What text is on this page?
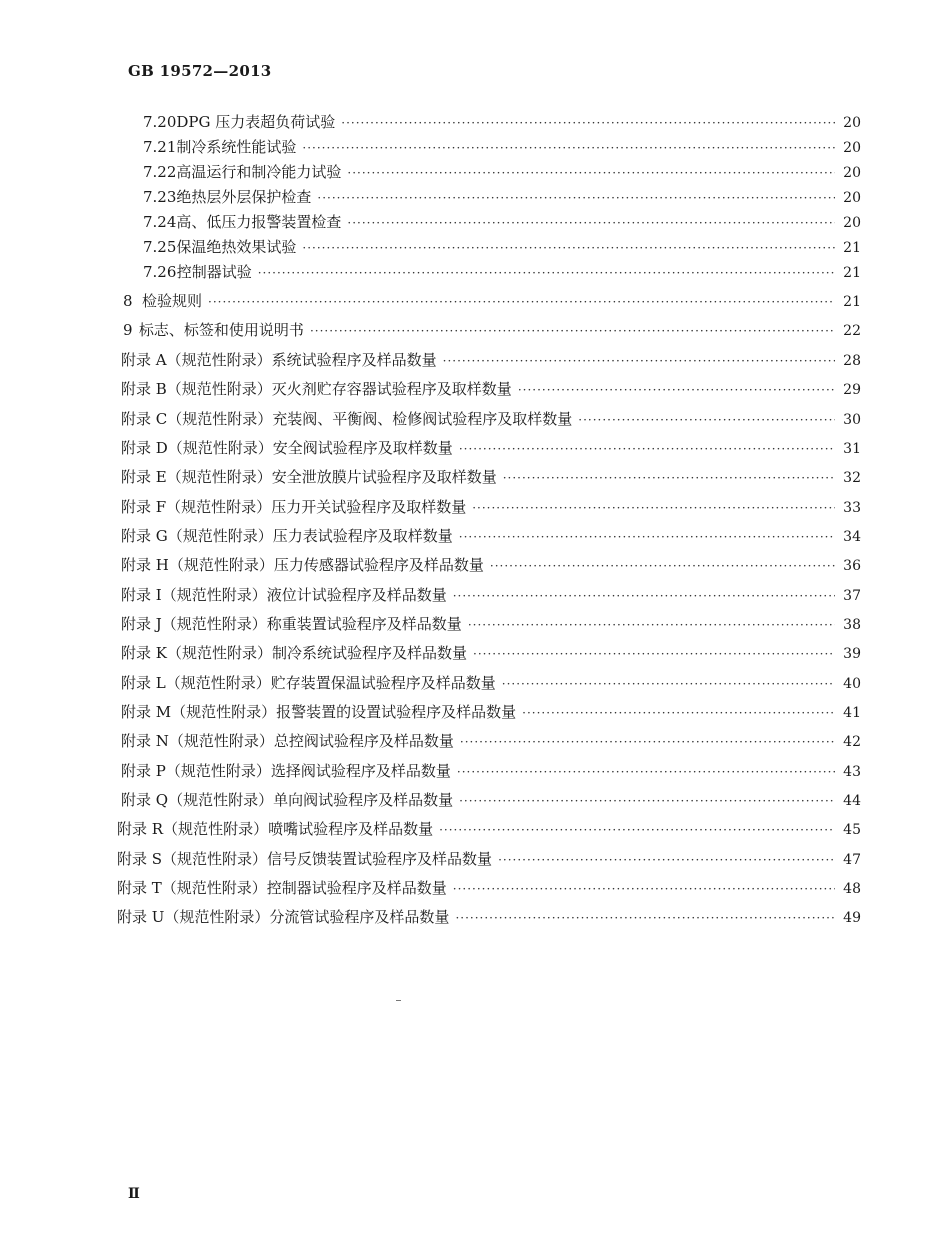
GB 19572—2013
7.20 DPG 压力表超负荷试验 ·····	20
7.21 制冷系统性能试验 ·····	20
7.22 高温运行和制冷能力试验 ·····	20
7.23 绝热层外层保护检查 ·····	20
7.24 高、低压力报警装置检查 ·····	20
7.25 保温绝热效果试验 ·····	21
7.26 控制器试验 ·····	21
8 检验规则 ·····	21
9 标志、标签和使用说明书 ·····	22
附录 A（规范性附录） 系统试验程序及样品数量 ·····	28
附录 B（规范性附录） 灭火剂贮存容器试验程序及取样数量 ·····	29
附录 C（规范性附录） 充装阀、平衡阀、检修阀试验程序及取样数量 ·····	30
附录 D（规范性附录） 安全阀试验程序及取样数量 ·····	31
附录 E（规范性附录） 安全泄放膜片试验程序及取样数量 ·····	32
附录 F（规范性附录） 压力开关试验程序及取样数量 ·····	33
附录 G（规范性附录） 压力表试验程序及取样数量 ·····	34
附录 H（规范性附录） 压力传感器试验程序及样品数量 ·····	36
附录 I（规范性附录） 液位计试验程序及样品数量 ·····	37
附录 J（规范性附录） 称重装置试验程序及样品数量 ·····	38
附录 K（规范性附录） 制冷系统试验程序及样品数量 ·····	39
附录 L（规范性附录） 贮存装置保温试验程序及样品数量 ·····	40
附录 M（规范性附录） 报警装置的设置试验程序及样品数量 ·····	41
附录 N（规范性附录） 总控阀试验程序及样品数量 ·····	42
附录 P（规范性附录） 选择阀试验程序及样品数量 ·····	43
附录 Q（规范性附录） 单向阀试验程序及样品数量 ·····	44
附录 R（规范性附录） 喷嘴试验程序及样品数量 ·····	45
附录 S（规范性附录） 信号反馈装置试验程序及样品数量 ·····	47
附录 T（规范性附录） 控制器试验程序及样品数量 ·····	48
附录 U（规范性附录） 分流管试验程序及样品数量 ·····	49
Ⅱ
